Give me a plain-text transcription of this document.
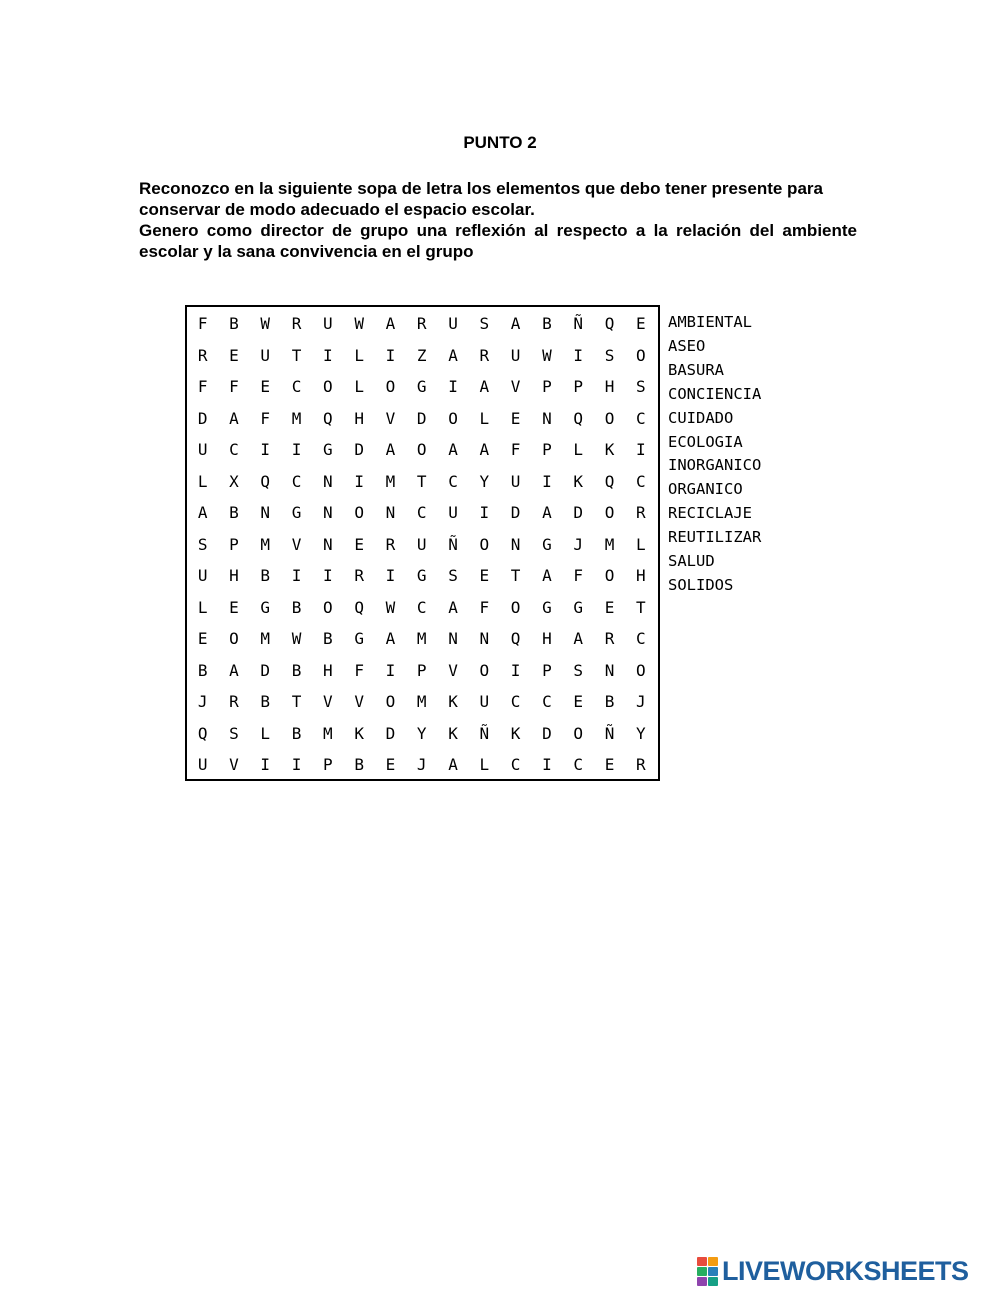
PUNTO 2

Reconozco en la siguiente sopa de letra los elementos que debo tener presente para conservar de modo adecuado el espacio escolar.

Genero como director de grupo una reflexión al respecto a la relación del ambiente escolar y la sana convivencia en el grupo

F	B	W	R	U	W	A	R	U	S	A	B	Ñ	Q	E
R	E	U	T	I	L	I	Z	A	R	U	W	I	S	O
F	F	E	C	O	L	O	G	I	A	V	P	P	H	S
D	A	F	M	Q	H	V	D	O	L	E	N	Q	O	C
U	C	I	I	G	D	A	O	A	A	F	P	L	K	I
L	X	Q	C	N	I	M	T	C	Y	U	I	K	Q	C
A	B	N	G	N	O	N	C	U	I	D	A	D	O	R
S	P	M	V	N	E	R	U	Ñ	O	N	G	J	M	L
U	H	B	I	I	R	I	G	S	E	T	A	F	O	H
L	E	G	B	O	Q	W	C	A	F	O	G	G	E	T
E	O	M	W	B	G	A	M	N	N	Q	H	A	R	C
B	A	D	B	H	F	I	P	V	O	I	P	S	N	O
J	R	B	T	V	V	O	M	K	U	C	C	E	B	J
Q	S	L	B	M	K	D	Y	K	Ñ	K	D	O	Ñ	Y
U	V	I	I	P	B	E	J	A	L	C	I	C	E	R
AMBIENTAL
ASEO
BASURA
CONCIENCIA
CUIDADO
ECOLOGIA
INORGANICO
ORGANICO
RECICLAJE
REUTILIZAR
SALUD
SOLIDOS
LIVEWORKSHEETS
